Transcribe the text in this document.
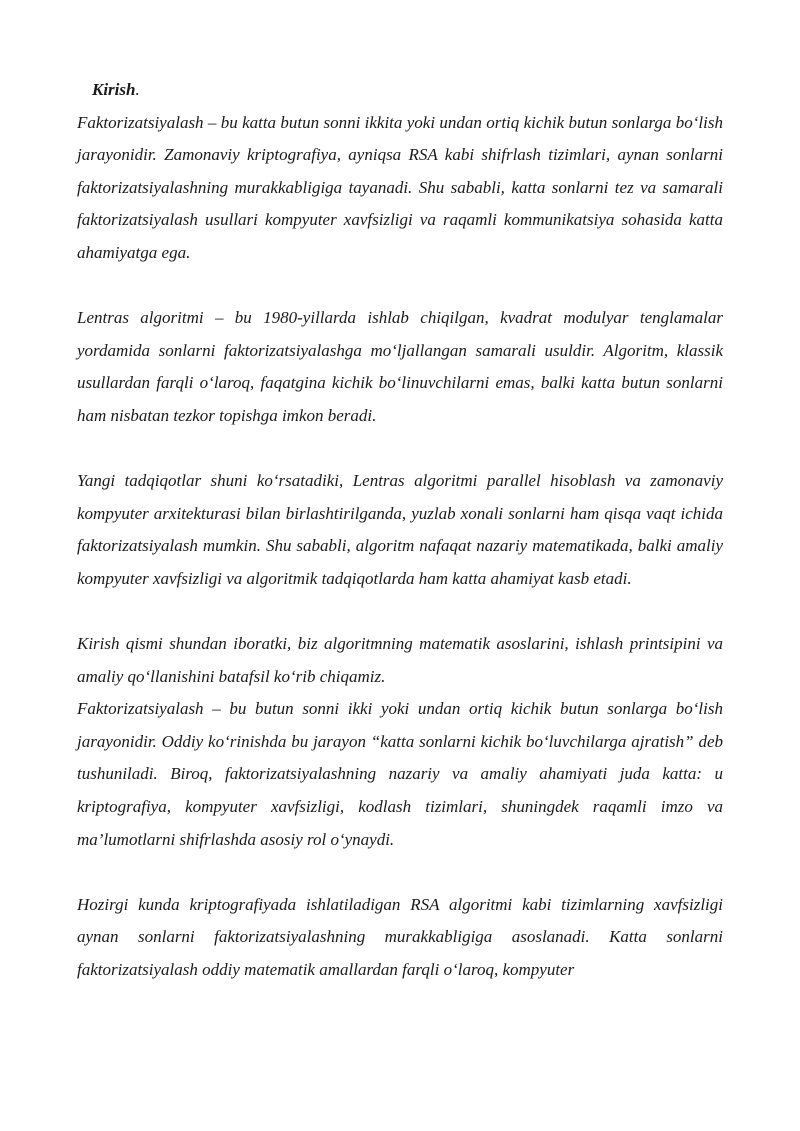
Kirish.

Faktorizatsiyalash – bu katta butun sonni ikkita yoki undan ortiq kichik butun sonlarga bo‘lish jarayonidir. Zamonaviy kriptografiya, ayniqsa RSA kabi shifrlash tizimlari, aynan sonlarni faktorizatsiyalashning murakkabligiga tayanadi. Shu sababli, katta sonlarni tez va samarali faktorizatsiyalash usullari kompyuter xavfsizligi va raqamli kommunikatsiya sohasida katta ahamiyatga ega.

Lentras algoritmi – bu 1980-yillarda ishlab chiqilgan, kvadrat modulyar tenglamalar yordamida sonlarni faktorizatsiyalashga mo‘ljallangan samarali usuldir. Algoritm, klassik usullardan farqli o‘laroq, faqatgina kichik bo‘linuvchilarni emas, balki katta butun sonlarni ham nisbatan tezkor topishga imkon beradi.

Yangi tadqiqotlar shuni ko‘rsatadiki, Lentras algoritmi parallel hisoblash va zamonaviy kompyuter arxitekturasi bilan birlashtirilganda, yuzlab xonali sonlarni ham qisqa vaqt ichida faktorizatsiyalash mumkin. Shu sababli, algoritm nafaqat nazariy matematikada, balki amaliy kompyuter xavfsizligi va algoritmik tadqiqotlarda ham katta ahamiyat kasb etadi.

Kirish qismi shundan iboratki, biz algoritmning matematik asoslarini, ishlash printsipini va amaliy qo‘llanishini batafsil ko‘rib chiqamiz.

Faktorizatsiyalash – bu butun sonni ikki yoki undan ortiq kichik butun sonlarga bo‘lish jarayonidir. Oddiy ko‘rinishda bu jarayon “katta sonlarni kichik bo‘luvchilarga ajratish” deb tushuniladi. Biroq, faktorizatsiyalashning nazariy va amaliy ahamiyati juda katta: u kriptografiya, kompyuter xavfsizligi, kodlash tizimlari, shuningdek raqamli imzo va ma’lumotlarni shifrlashda asosiy rol o‘ynaydi.

Hozirgi kunda kriptografiyada ishlatiladigan RSA algoritmi kabi tizimlarning xavfsizligi aynan sonlarni faktorizatsiyalashning murakkabligiga asoslanadi. Katta sonlarni faktorizatsiyalash oddiy matematik amallardan farqli o‘laroq, kompyuter
